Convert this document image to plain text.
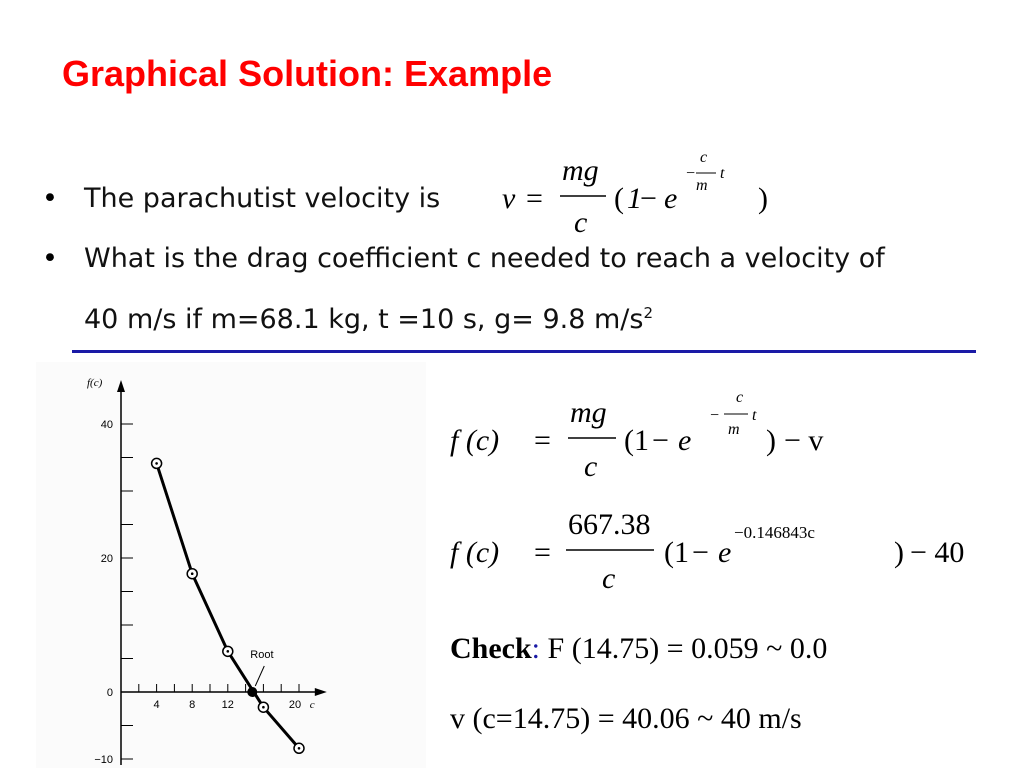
Graphical Solution: Example
• The parachutist velocity is v =
mg
c
( 1
− e
−
c
m
t
)
• What is the drag coefficient c needed to reach a velocity of
40 m/s if m=68.1 kg, t =10 s, g= 9.8 $m/s^2$
40
20
0
−10
4	8 12	20
f(c)
c
Root
f (c) =
mg
c
(1 − e
−
c
m
t
) − v
f (c) =
667.38
c
(1 − e
−0.146843c
) − 40
Check: F (14.75) = 0.059 ~ 0.0
v (c=14.75) = 40.06 ~ 40 m/s
